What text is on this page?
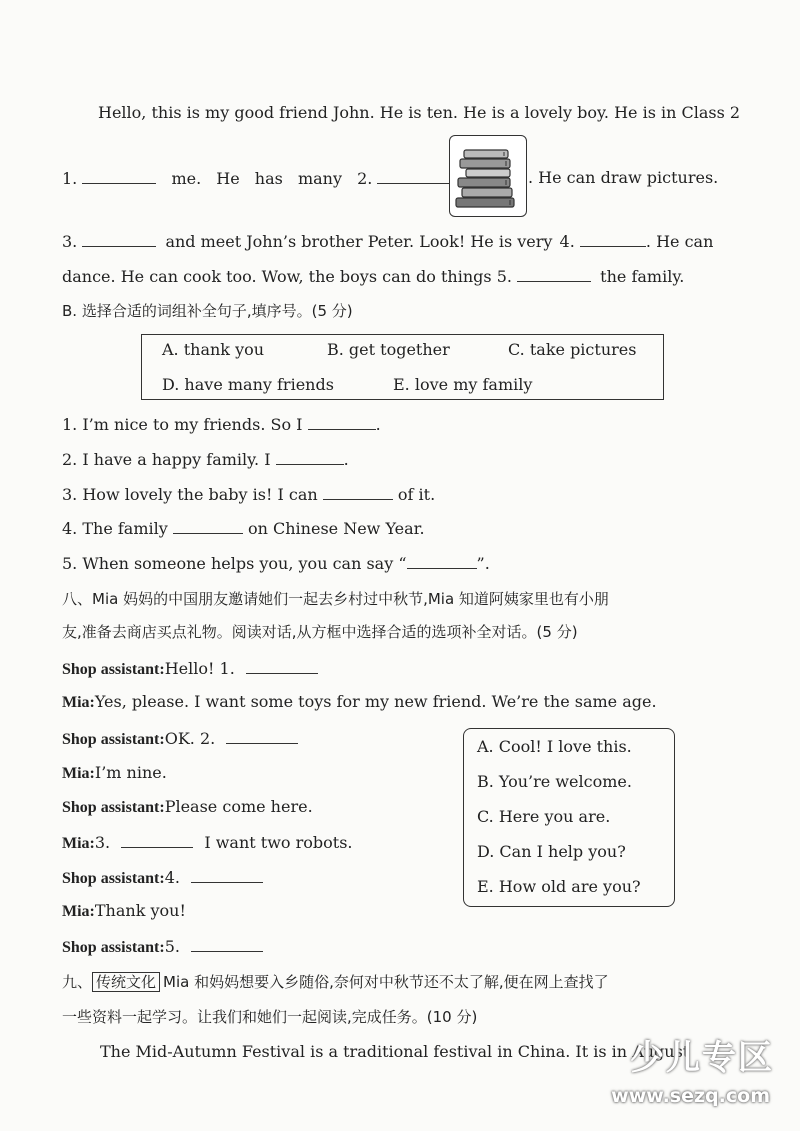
Hello, this is my good friend John. He is ten. He is a lovely boy. He is in Class 2
1.	me. He has many 2.	. He can draw pictures.
3.	and meet John’s brother Peter. Look! He is very 4.	. He can
dance. He can cook too. Wow, the boys can do things 5.	the family.
B. 选择合适的词组补全句子,填序号。(5 分)
A. thank you	B. get together	C. take pictures
D. have many friends	E. love my family
1. I’m nice to my friends. So I	.
2. I have a happy family. I	.
3. How lovely the baby is! I can	of it.
4. The family	on Chinese New Year.
5. When someone helps you, you can say “	”.
八、Mia 妈妈的中国朋友邀请她们一起去乡村过中秋节,Mia 知道阿姨家里也有小朋
友,准备去商店买点礼物。阅读对话,从方框中选择合适的选项补全对话。(5 分)
Shop assistant:Hello! 1.
Mia:Yes, please. I want some toys for my new friend. We’re the same age.
Shop assistant:OK. 2.
Mia:I’m nine.
Shop assistant:Please come here.
Mia:3.	I want two robots.
Shop assistant:4.
Mia:Thank you!
Shop assistant:5.
A. Cool! I love this.
B. You’re welcome.
C. Here you are.
D. Can I help you?
E. How old are you?
九、 传统文化 Mia 和妈妈想要入乡随俗,奈何对中秋节还不太了解,便在网上查找了
一些资料一起学习。让我们和她们一起阅读,完成任务。(10 分)
The Mid-Autumn Festival is a traditional festival in China. It is in August
少儿专区
www.sezq.com
